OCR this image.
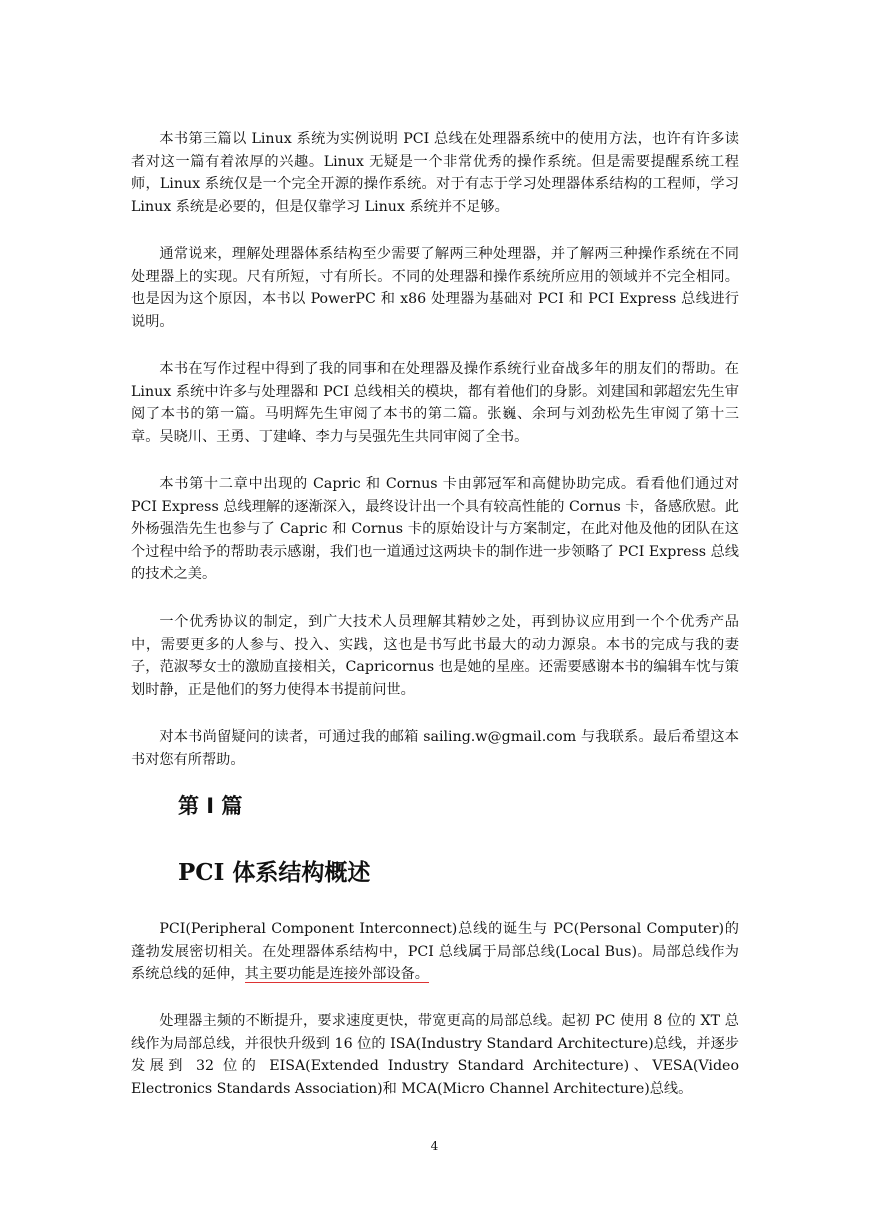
本书第三篇以 Linux 系统为实例说明 PCI 总线在处理器系统中的使用方法，也许有许多读者对这一篇有着浓厚的兴趣。Linux 无疑是一个非常优秀的操作系统。但是需要提醒系统工程师，Linux 系统仅是一个完全开源的操作系统。对于有志于学习处理器体系结构的工程师，学习 Linux 系统是必要的，但是仅靠学习 Linux 系统并不足够。

通常说来，理解处理器体系结构至少需要了解两三种处理器，并了解两三种操作系统在不同处理器上的实现。尺有所短，寸有所长。不同的处理器和操作系统所应用的领域并不完全相同。也是因为这个原因，本书以 PowerPC 和 x86 处理器为基础对 PCI 和 PCI Express 总线进行说明。

本书在写作过程中得到了我的同事和在处理器及操作系统行业奋战多年的朋友们的帮助。在 Linux 系统中许多与处理器和 PCI 总线相关的模块，都有着他们的身影。刘建国和郭超宏先生审阅了本书的第一篇。马明辉先生审阅了本书的第二篇。张巍、余珂与刘劲松先生审阅了第十三章。吴晓川、王勇、丁建峰、李力与吴强先生共同审阅了全书。

本书第十二章中出现的 Capric 和 Cornus 卡由郭冠军和高健协助完成。看看他们通过对 PCI Express 总线理解的逐渐深入，最终设计出一个具有较高性能的 Cornus 卡，备感欣慰。此外杨强浩先生也参与了 Capric 和 Cornus 卡的原始设计与方案制定，在此对他及他的团队在这个过程中给予的帮助表示感谢，我们也一道通过这两块卡的制作进一步领略了 PCI Express 总线的技术之美。

一个优秀协议的制定，到广大技术人员理解其精妙之处，再到协议应用到一个个优秀产品中，需要更多的人参与、投入、实践，这也是书写此书最大的动力源泉。本书的完成与我的妻子，范淑琴女士的激励直接相关，Capricornus 也是她的星座。还需要感谢本书的编辑车忱与策划时静，正是他们的努力使得本书提前问世。

对本书尚留疑问的读者，可通过我的邮箱 sailing.w@gmail.com 与我联系。最后希望这本书对您有所帮助。

第 I 篇
PCI 体系结构概述

PCI(Peripheral Component Interconnect)总线的诞生与 PC(Personal Computer)的蓬勃发展密切相关。在处理器体系结构中，PCI 总线属于局部总线(Local Bus)。局部总线作为系统总线的延伸，其主要功能是连接外部设备。

处理器主频的不断提升，要求速度更快，带宽更高的局部总线。起初 PC 使用 8 位的 XT 总线作为局部总线，并很快升级到 16 位的 ISA(Industry Standard Architecture)总线，并逐步发展到 32 位的 EISA(Extended Industry Standard Architecture)、VESA(Video Electronics Standards Association)和 MCA(Micro Channel Architecture)总线。

4
